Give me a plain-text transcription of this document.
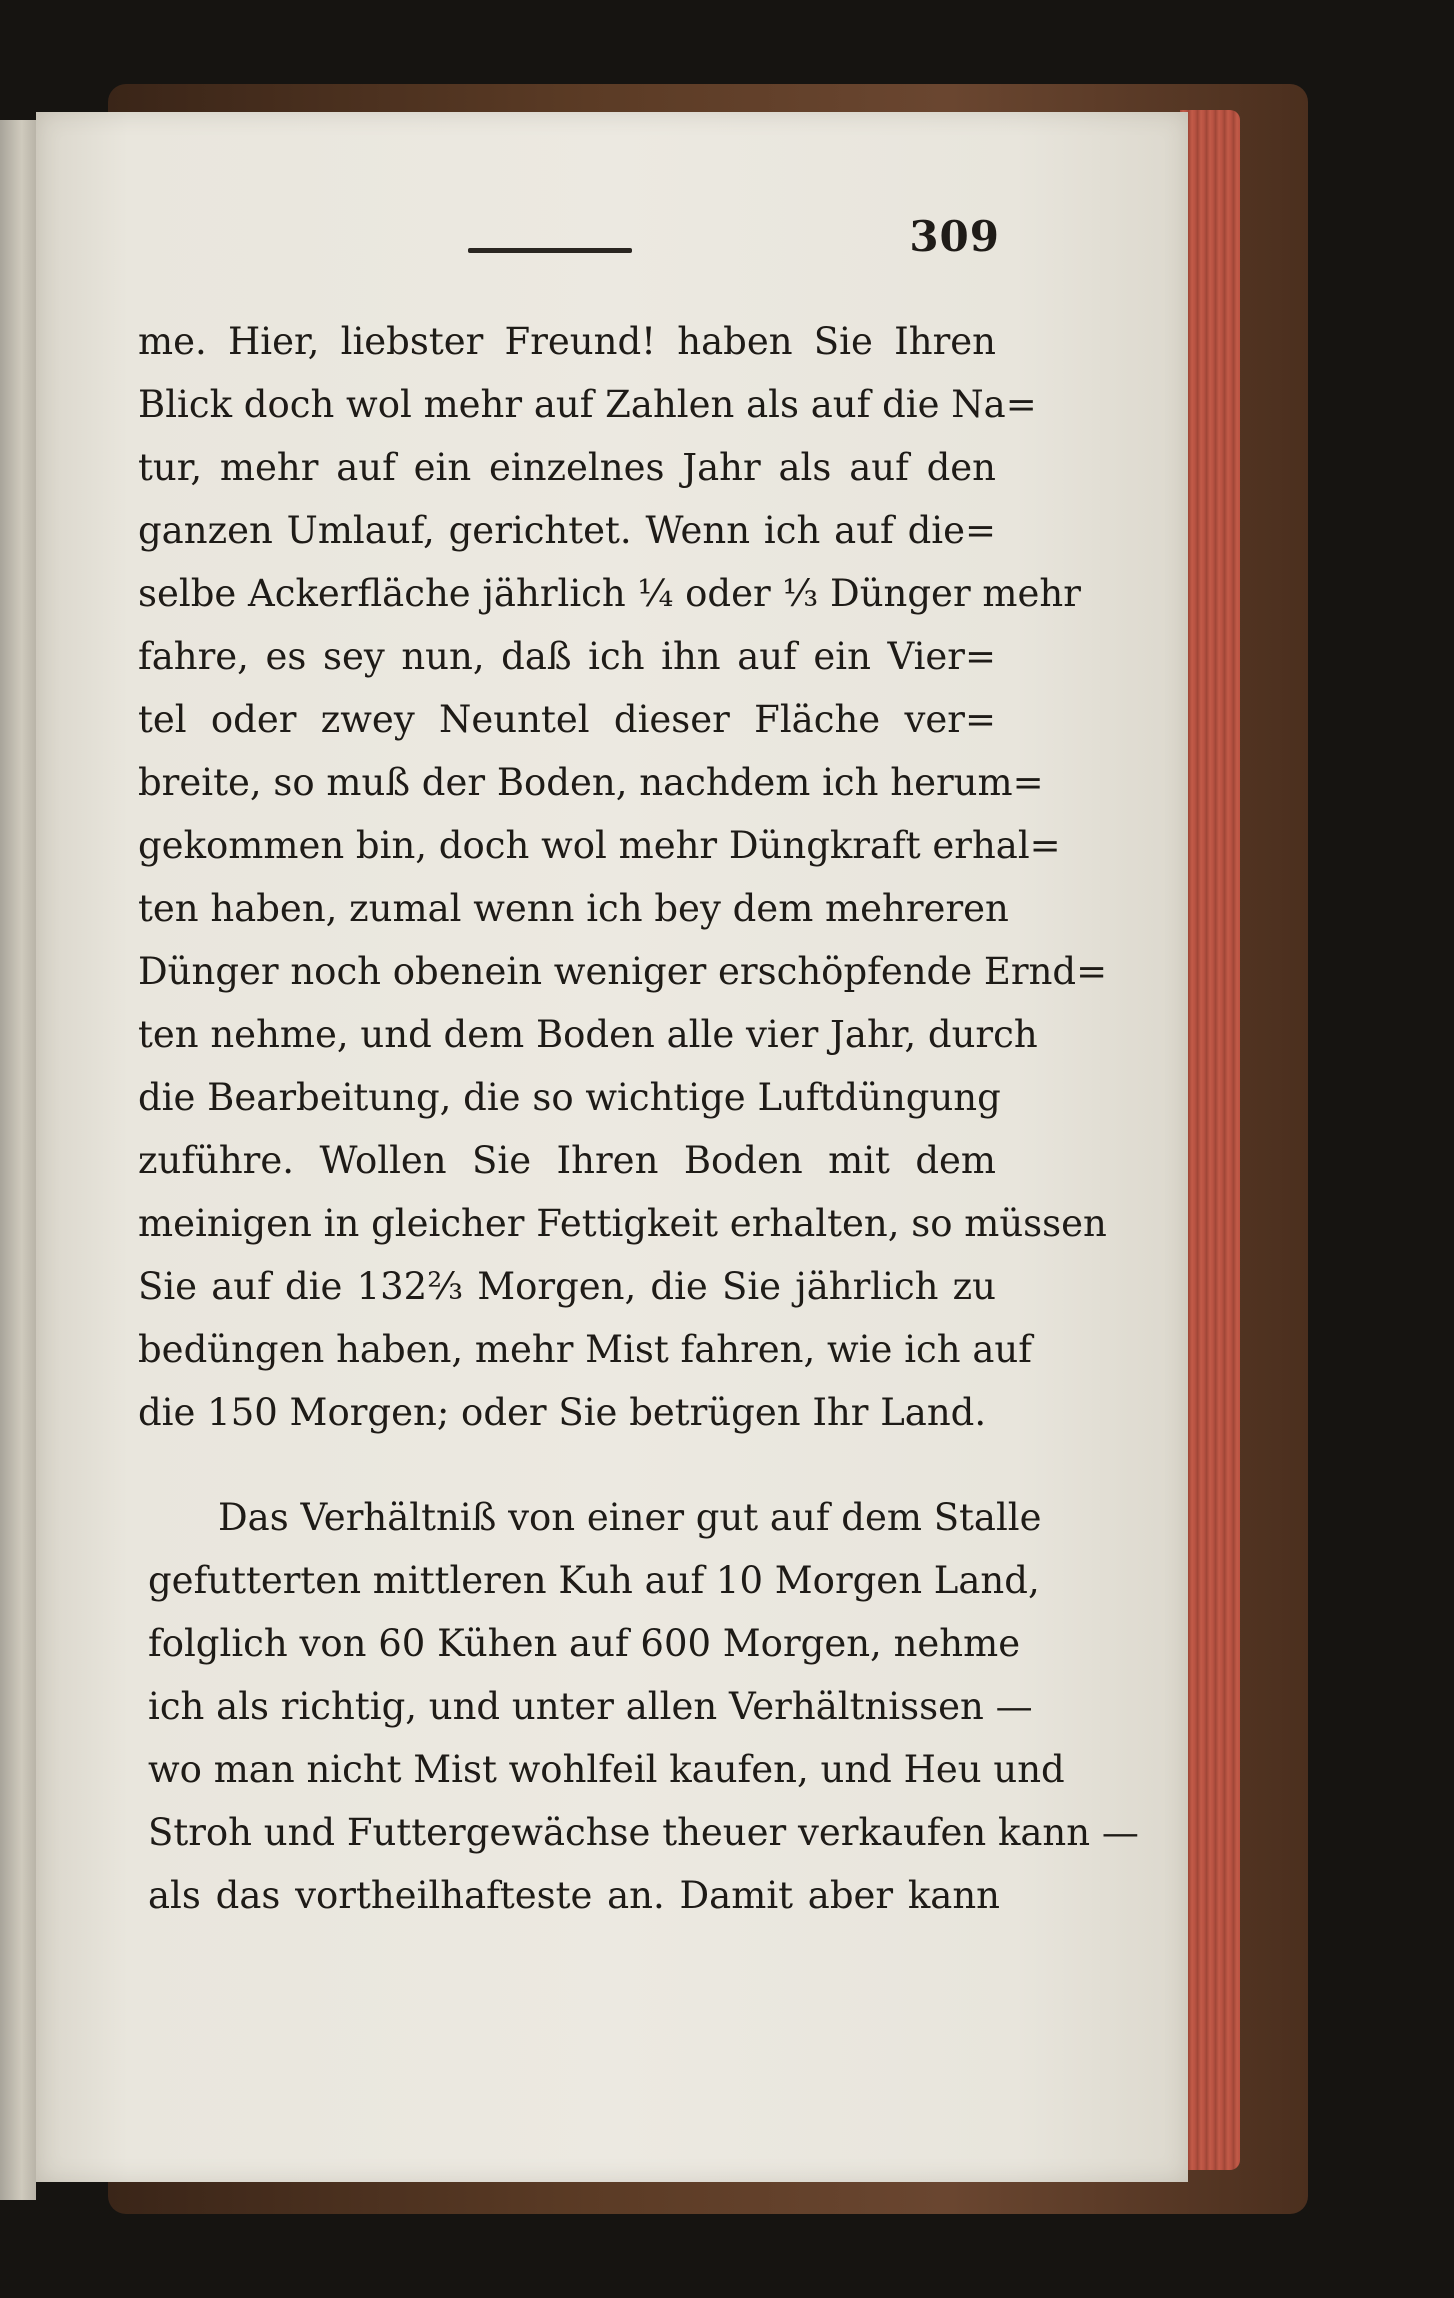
309
me. Hier, liebster Freund! haben Sie Ihren
Blick doch wol mehr auf Zahlen als auf die Na=
tur, mehr auf ein einzelnes Jahr als auf den
ganzen Umlauf, gerichtet. Wenn ich auf die=
selbe Ackerfläche jährlich ¼ oder ⅓ Dünger mehr
fahre, es sey nun, daß ich ihn auf ein Vier=
tel oder zwey Neuntel dieser Fläche ver=
breite, so muß der Boden, nachdem ich herum=
gekommen bin, doch wol mehr Düngkraft erhal=
ten haben, zumal wenn ich bey dem mehreren
Dünger noch obenein weniger erschöpfende Ernd=
ten nehme, und dem Boden alle vier Jahr, durch
die Bearbeitung, die so wichtige Luftdüngung
zuführe. Wollen Sie Ihren Boden mit dem
meinigen in gleicher Fettigkeit erhalten, so müssen
Sie auf die 132⅔ Morgen, die Sie jährlich zu
bedüngen haben, mehr Mist fahren, wie ich auf
die 150 Morgen; oder Sie betrügen Ihr Land.
Das Verhältniß von einer gut auf dem Stalle
gefutterten mittleren Kuh auf 10 Morgen Land,
folglich von 60 Kühen auf 600 Morgen, nehme
ich als richtig, und unter allen Verhältnissen —
wo man nicht Mist wohlfeil kaufen, und Heu und
Stroh und Futtergewächse theuer verkaufen kann —
als das vortheilhafteste an. Damit aber kann
